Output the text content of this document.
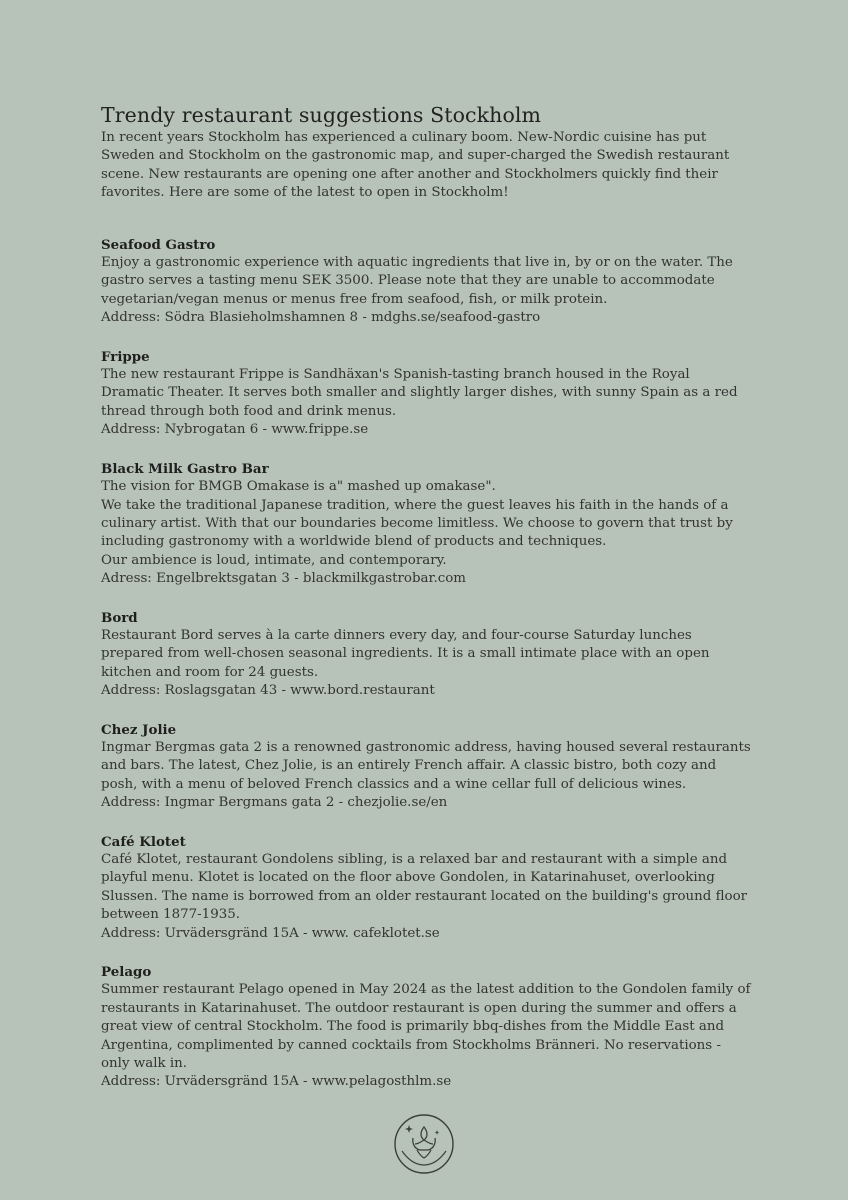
Trendy restaurant suggestions Stockholm

In recent years Stockholm has experienced a culinary boom. New-Nordic cuisine has put Sweden and Stockholm on the gastronomic map, and super-charged the Swedish restaurant scene. New restaurants are opening one after another and Stockholmers quickly find their favorites. Here are some of the latest to open in Stockholm!

Seafood Gastro

Enjoy a gastronomic experience with aquatic ingredients that live in, by or on the water. The gastro serves a tasting menu SEK 3500. Please note that they are unable to accommodate vegetarian/vegan menus or menus free from seafood, fish, or milk protein.

Address: Södra Blasieholmshamnen 8 - mdghs.se/seafood-gastro

Frippe

The new restaurant Frippe is Sandhäxan's Spanish-tasting branch housed in the Royal Dramatic Theater. It serves both smaller and slightly larger dishes, with sunny Spain as a red thread through both food and drink menus.

Address: Nybrogatan 6 - www.frippe.se

Black Milk Gastro Bar

The vision for BMGB Omakase is a" mashed up omakase".

We take the traditional Japanese tradition, where the guest leaves his faith in the hands of a culinary artist. With that our boundaries become limitless. We choose to govern that trust by including gastronomy with a worldwide blend of products and techniques.

Our ambience is loud, intimate, and contemporary.

Adress: Engelbrektsgatan 3 - blackmilkgastrobar.com

Bord

Restaurant Bord serves à la carte dinners every day, and four-course Saturday lunches prepared from well-chosen seasonal ingredients. It is a small intimate place with an open kitchen and room for 24 guests.

Address: Roslagsgatan 43 - www.bord.restaurant

Chez Jolie

Ingmar Bergmas gata 2 is a renowned gastronomic address, having housed several restaurants and bars. The latest, Chez Jolie, is an entirely French affair. A classic bistro, both cozy and posh, with a menu of beloved French classics and a wine cellar full of delicious wines.

Address: Ingmar Bergmans gata 2 - chezjolie.se/en

Café Klotet

Café Klotet, restaurant Gondolens sibling, is a relaxed bar and restaurant with a simple and playful menu. Klotet is located on the floor above Gondolen, in Katarinahuset, overlooking Slussen. The name is borrowed from an older restaurant located on the building's ground floor between 1877-1935.

Address: Urvädersgränd 15A - www. cafeklotet.se

Pelago

Summer restaurant Pelago opened in May 2024 as the latest addition to the Gondolen family of restaurants in Katarinahuset. The outdoor restaurant is open during the summer and offers a great view of central Stockholm. The food is primarily bbq-dishes from the Middle East and Argentina, complimented by canned cocktails from Stockholms Bränneri. No reservations - only walk in.

Address: Urvädersgränd 15A - www.pelagosthlm.se
